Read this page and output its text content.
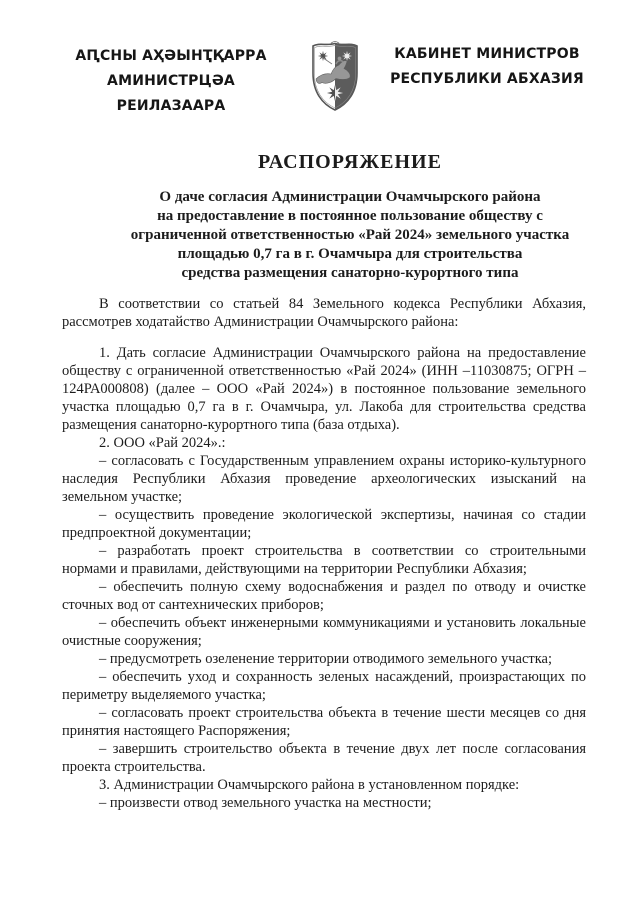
АԤСНЫ АҲӘЫНҬҚАРРА
АМИНИСТРЦӘА РЕИЛАЗААРА
КАБИНЕТ МИНИСТРОВ
РЕСПУБЛИКИ АБХАЗИЯ
РАСПОРЯЖЕНИЕ
О даче согласия Администрации Очамчырского района
на предоставление в постоянное пользование обществу с
ограниченной ответственностью «Рай 2024» земельного участка
площадью 0,7 га в г. Очамчыра для строительства
средства размещения санаторно-курортного типа

В соответствии со статьей 84 Земельного кодекса Республики Абхазия, рассмотрев ходатайство Администрации Очамчырского района:

1. Дать согласие Администрации Очамчырского района на предоставление обществу с ограниченной ответственностью «Рай 2024» (ИНН –11030875; ОГРН – 124РА000808) (далее – ООО «Рай 2024») в постоянное пользование земельного участка площадью 0,7 га в г. Очамчыра, ул. Лакоба для строительства средства размещения санаторно-курортного типа (база отдыха).

2. ООО «Рай 2024».:

– согласовать с Государственным управлением охраны историко-культурного наследия Республики Абхазия проведение археологических изысканий на земельном участке;

– осуществить проведение экологической экспертизы, начиная со стадии предпроектной документации;

– разработать проект строительства в соответствии со строительными нормами и правилами, действующими на территории Республики Абхазия;

– обеспечить полную схему водоснабжения и раздел по отводу и очистке сточных вод от сантехнических приборов;

– обеспечить объект инженерными коммуникациями и установить локальные очистные сооружения;

– предусмотреть озеленение территории отводимого земельного участка;

– обеспечить уход и сохранность зеленых насаждений, произрастающих по периметру выделяемого участка;

– согласовать проект строительства объекта в течение шести месяцев со дня принятия настоящего Распоряжения;

– завершить строительство объекта в течение двух лет после согласования проекта строительства.

3. Администрации Очамчырского района в установленном порядке:

– произвести отвод земельного участка на местности;
